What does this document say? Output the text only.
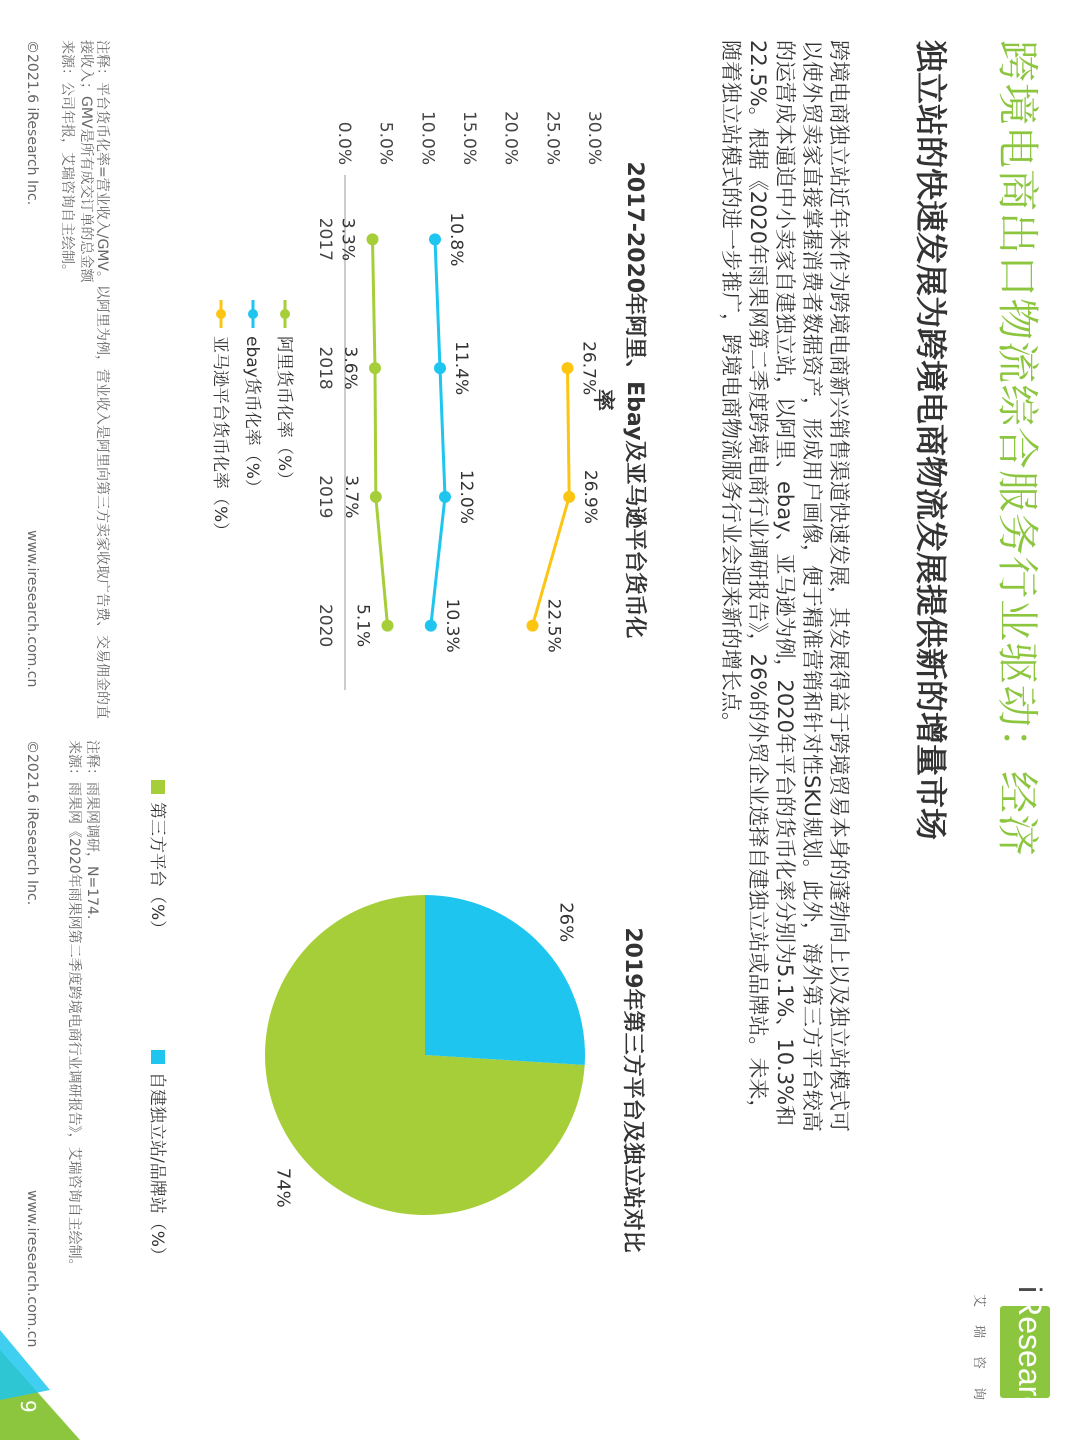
跨境电商出口物流综合服务行业驱动：经济
iResearch
艾瑞咨询
独立站的快速发展为跨境电商物流发展提供新的增量市场

跨境电商独立站近年来作为跨境电商新兴销售渠道快速发展，其发展得益于跨境贸易本身的蓬勃向上以及独立站模式可以使外贸卖家直接掌握消费者数据资产，形成用户画像，便于精准营销和针对性SKU规划。此外，海外第三方平台较高的运营成本逼迫中小卖家自建独立站，以阿里、ebay、亚马逊为例，2020年平台的货币化率分别为5.1%、10.3%和22.5%。根据《2020年雨果网第二季度跨境电商行业调研报告》，26%的外贸企业选择自建独立站或品牌站。未来，随着独立站模式的进一步推广，跨境电商物流服务行业会迎来新的增长点。

2017-2020年阿里、Ebay及亚马逊平台货币化率
0.0% 5.0% 10.0% 15.0% 20.0% 25.0% 30.0%
2017
2018
2019
2020
3.3%
3.6%
3.7%
5.1%
10.8%
11.4%
12.0%
10.3%
26.7%
26.9%
22.5%
阿里货币化率（%）
ebay货币化率（%）
亚马逊平台货币化率（%）

注释：平台货币化率=营业收入/GMV。以阿里为例，营业收入是阿里向第三方卖家收取广告费、交易佣金的直接收入；GMV是所有成交订单的总金额

来源：公司年报，艾瑞咨询自主绘制。

©2021.6 iResearch Inc.
www.iresearch.com.cn
2019年第三方平台及独立站对比
74%
26%
第三方平台（%）
自建独立站/品牌站（%）

注释：雨果网调研，N=174.

来源：雨果网《2020年雨果网第二季度跨境电商行业调研报告》，艾瑞咨询自主绘制。

©2021.6 iResearch Inc.
www.iresearch.com.cn
9
